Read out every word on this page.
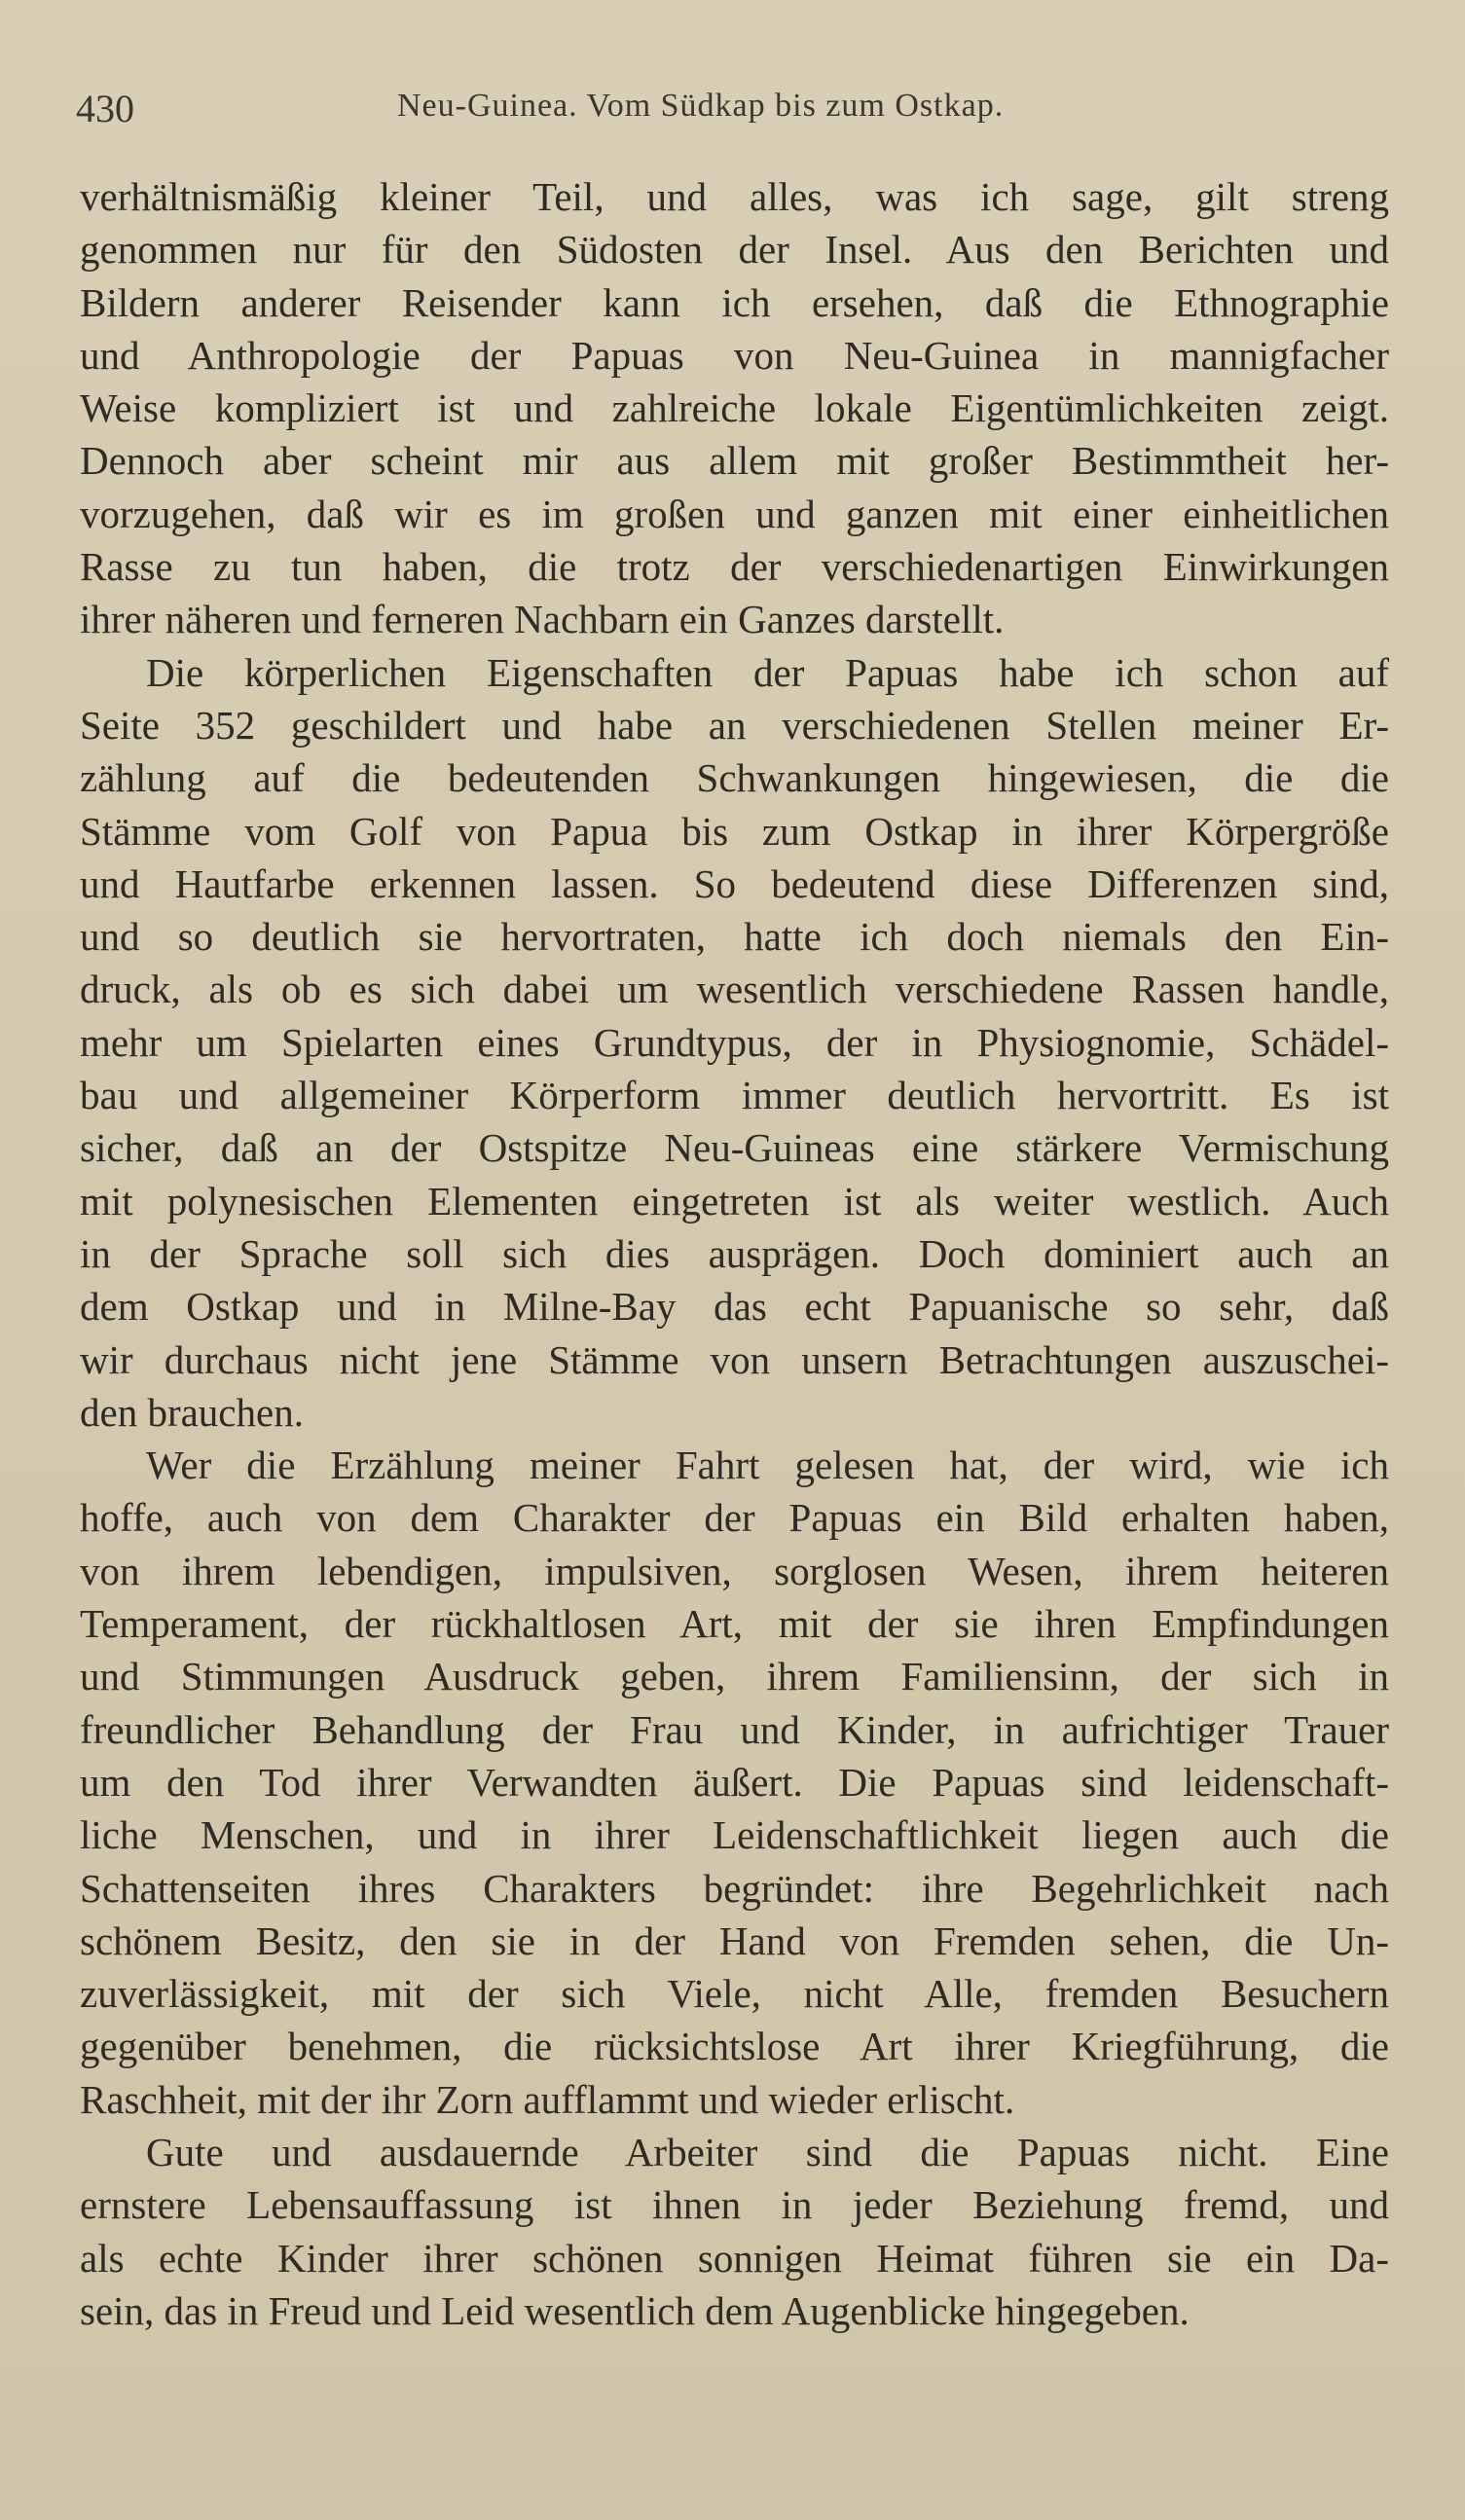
430	Neu-Guinea. Vom Südkap bis zum Ostkap.
verhältnismäßig kleiner Teil, und alles, was ich sage, gilt streng
genommen nur für den Südosten der Insel. Aus den Berichten und
Bildern anderer Reisender kann ich ersehen, daß die Ethnographie
und Anthropologie der Papuas von Neu-Guinea in mannigfacher
Weise kompliziert ist und zahlreiche lokale Eigentümlichkeiten zeigt.
Dennoch aber scheint mir aus allem mit großer Bestimmtheit her-
vorzugehen, daß wir es im großen und ganzen mit einer einheitlichen
Rasse zu tun haben, die trotz der verschiedenartigen Einwirkungen
ihrer näheren und ferneren Nachbarn ein Ganzes darstellt.
Die körperlichen Eigenschaften der Papuas habe ich schon auf
Seite 352 geschildert und habe an verschiedenen Stellen meiner Er-
zählung auf die bedeutenden Schwankungen hingewiesen, die die
Stämme vom Golf von Papua bis zum Ostkap in ihrer Körpergröße
und Hautfarbe erkennen lassen. So bedeutend diese Differenzen sind,
und so deutlich sie hervortraten, hatte ich doch niemals den Ein-
druck, als ob es sich dabei um wesentlich verschiedene Rassen handle,
mehr um Spielarten eines Grundtypus, der in Physiognomie, Schädel-
bau und allgemeiner Körperform immer deutlich hervortritt. Es ist
sicher, daß an der Ostspitze Neu-Guineas eine stärkere Vermischung
mit polynesischen Elementen eingetreten ist als weiter westlich. Auch
in der Sprache soll sich dies ausprägen. Doch dominiert auch an
dem Ostkap und in Milne-Bay das echt Papuanische so sehr, daß
wir durchaus nicht jene Stämme von unsern Betrachtungen auszuschei-
den brauchen.
Wer die Erzählung meiner Fahrt gelesen hat, der wird, wie ich
hoffe, auch von dem Charakter der Papuas ein Bild erhalten haben,
von ihrem lebendigen, impulsiven, sorglosen Wesen, ihrem heiteren
Temperament, der rückhaltlosen Art, mit der sie ihren Empfindungen
und Stimmungen Ausdruck geben, ihrem Familiensinn, der sich in
freundlicher Behandlung der Frau und Kinder, in aufrichtiger Trauer
um den Tod ihrer Verwandten äußert. Die Papuas sind leidenschaft-
liche Menschen, und in ihrer Leidenschaftlichkeit liegen auch die
Schattenseiten ihres Charakters begründet: ihre Begehrlichkeit nach
schönem Besitz, den sie in der Hand von Fremden sehen, die Un-
zuverlässigkeit, mit der sich Viele, nicht Alle, fremden Besuchern
gegenüber benehmen, die rücksichtslose Art ihrer Kriegführung, die
Raschheit, mit der ihr Zorn aufflammt und wieder erlischt.
Gute und ausdauernde Arbeiter sind die Papuas nicht. Eine
ernstere Lebensauffassung ist ihnen in jeder Beziehung fremd, und
als echte Kinder ihrer schönen sonnigen Heimat führen sie ein Da-
sein, das in Freud und Leid wesentlich dem Augenblicke hingegeben.
